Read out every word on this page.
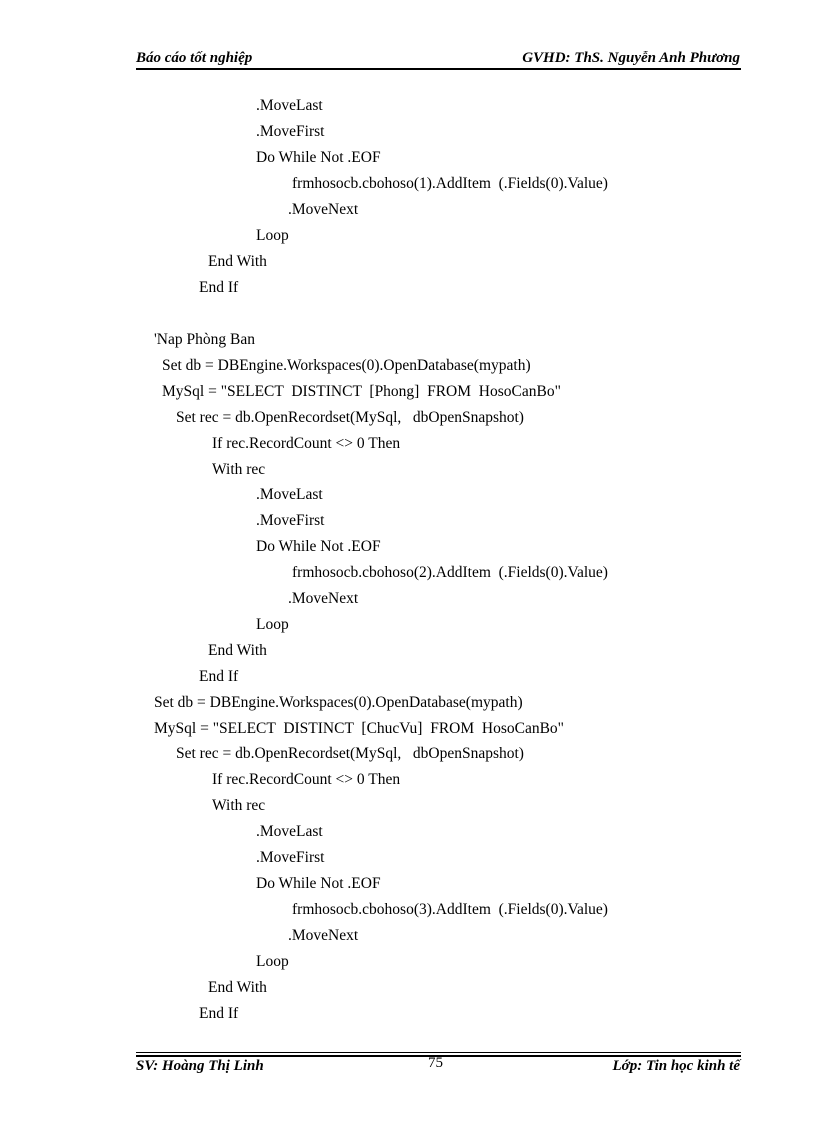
Báo cáo tốt nghiệp	GVHD: ThS. Nguyễn Anh Phương
.MoveLast
.MoveFirst
Do While Not .EOF
frmhosocb.cbohoso(1).AddItem  (.Fields(0).Value)
.MoveNext
Loop
End With
End If
'Nap Phòng Ban
Set db = DBEngine.Workspaces(0).OpenDatabase(mypath)
MySql = "SELECT  DISTINCT  [Phong]  FROM  HosoCanBo"
Set rec = db.OpenRecordset(MySql,   dbOpenSnapshot)
If rec.RecordCount <> 0 Then
With rec
.MoveLast
.MoveFirst
Do While Not .EOF
frmhosocb.cbohoso(2).AddItem  (.Fields(0).Value)
.MoveNext
Loop
End With
End If
Set db = DBEngine.Workspaces(0).OpenDatabase(mypath)
MySql = "SELECT  DISTINCT  [ChucVu]  FROM  HosoCanBo"
Set rec = db.OpenRecordset(MySql,   dbOpenSnapshot)
If rec.RecordCount <> 0 Then
With rec
.MoveLast
.MoveFirst
Do While Not .EOF
frmhosocb.cbohoso(3).AddItem  (.Fields(0).Value)
.MoveNext
Loop
End With
End If
SV: Hoàng Thị Linh	75	Lớp: Tin học kinh tế
